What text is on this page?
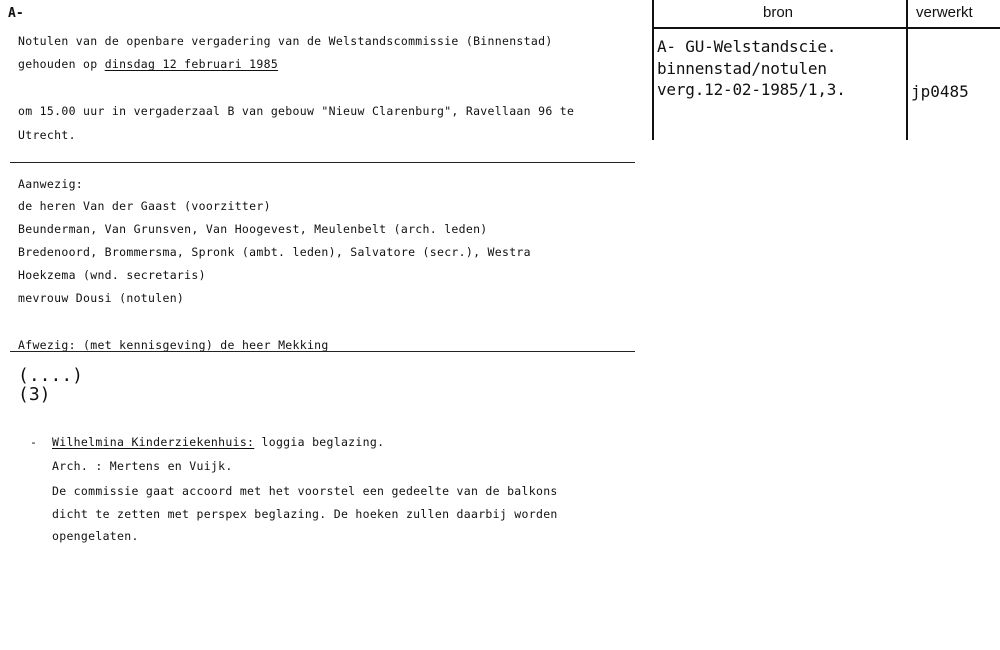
A-
Notulen van de openbare vergadering van de Welstandscommissie (Binnenstad)
gehouden op dinsdag 12 februari 1985
om 15.00 uur in vergaderzaal B van gebouw "Nieuw Clarenburg", Ravellaan 96 te
Utrecht.
Aanwezig:
de heren Van der Gaast (voorzitter)
Beunderman, Van Grunsven, Van Hoogevest, Meulenbelt (arch. leden)
Bredenoord, Brommersma, Spronk (ambt. leden), Salvatore (secr.), Westra
Hoekzema (wnd. secretaris)
mevrouw Dousi (notulen)
Afwezig: (met kennisgeving) de heer Mekking
(....)
(3)
- Wilhelmina Kinderziekenhuis: loggia beglazing.
Arch. : Mertens en Vuijk.
De commissie gaat accoord met het voorstel een gedeelte van de balkons
dicht te zetten met perspex beglazing. De hoeken zullen daarbij worden
opengelaten.
bron	verwerkt
A- GU-Welstandscie.
binnenstad/notulen
verg.12-02-1985/1,3.	jp0485
